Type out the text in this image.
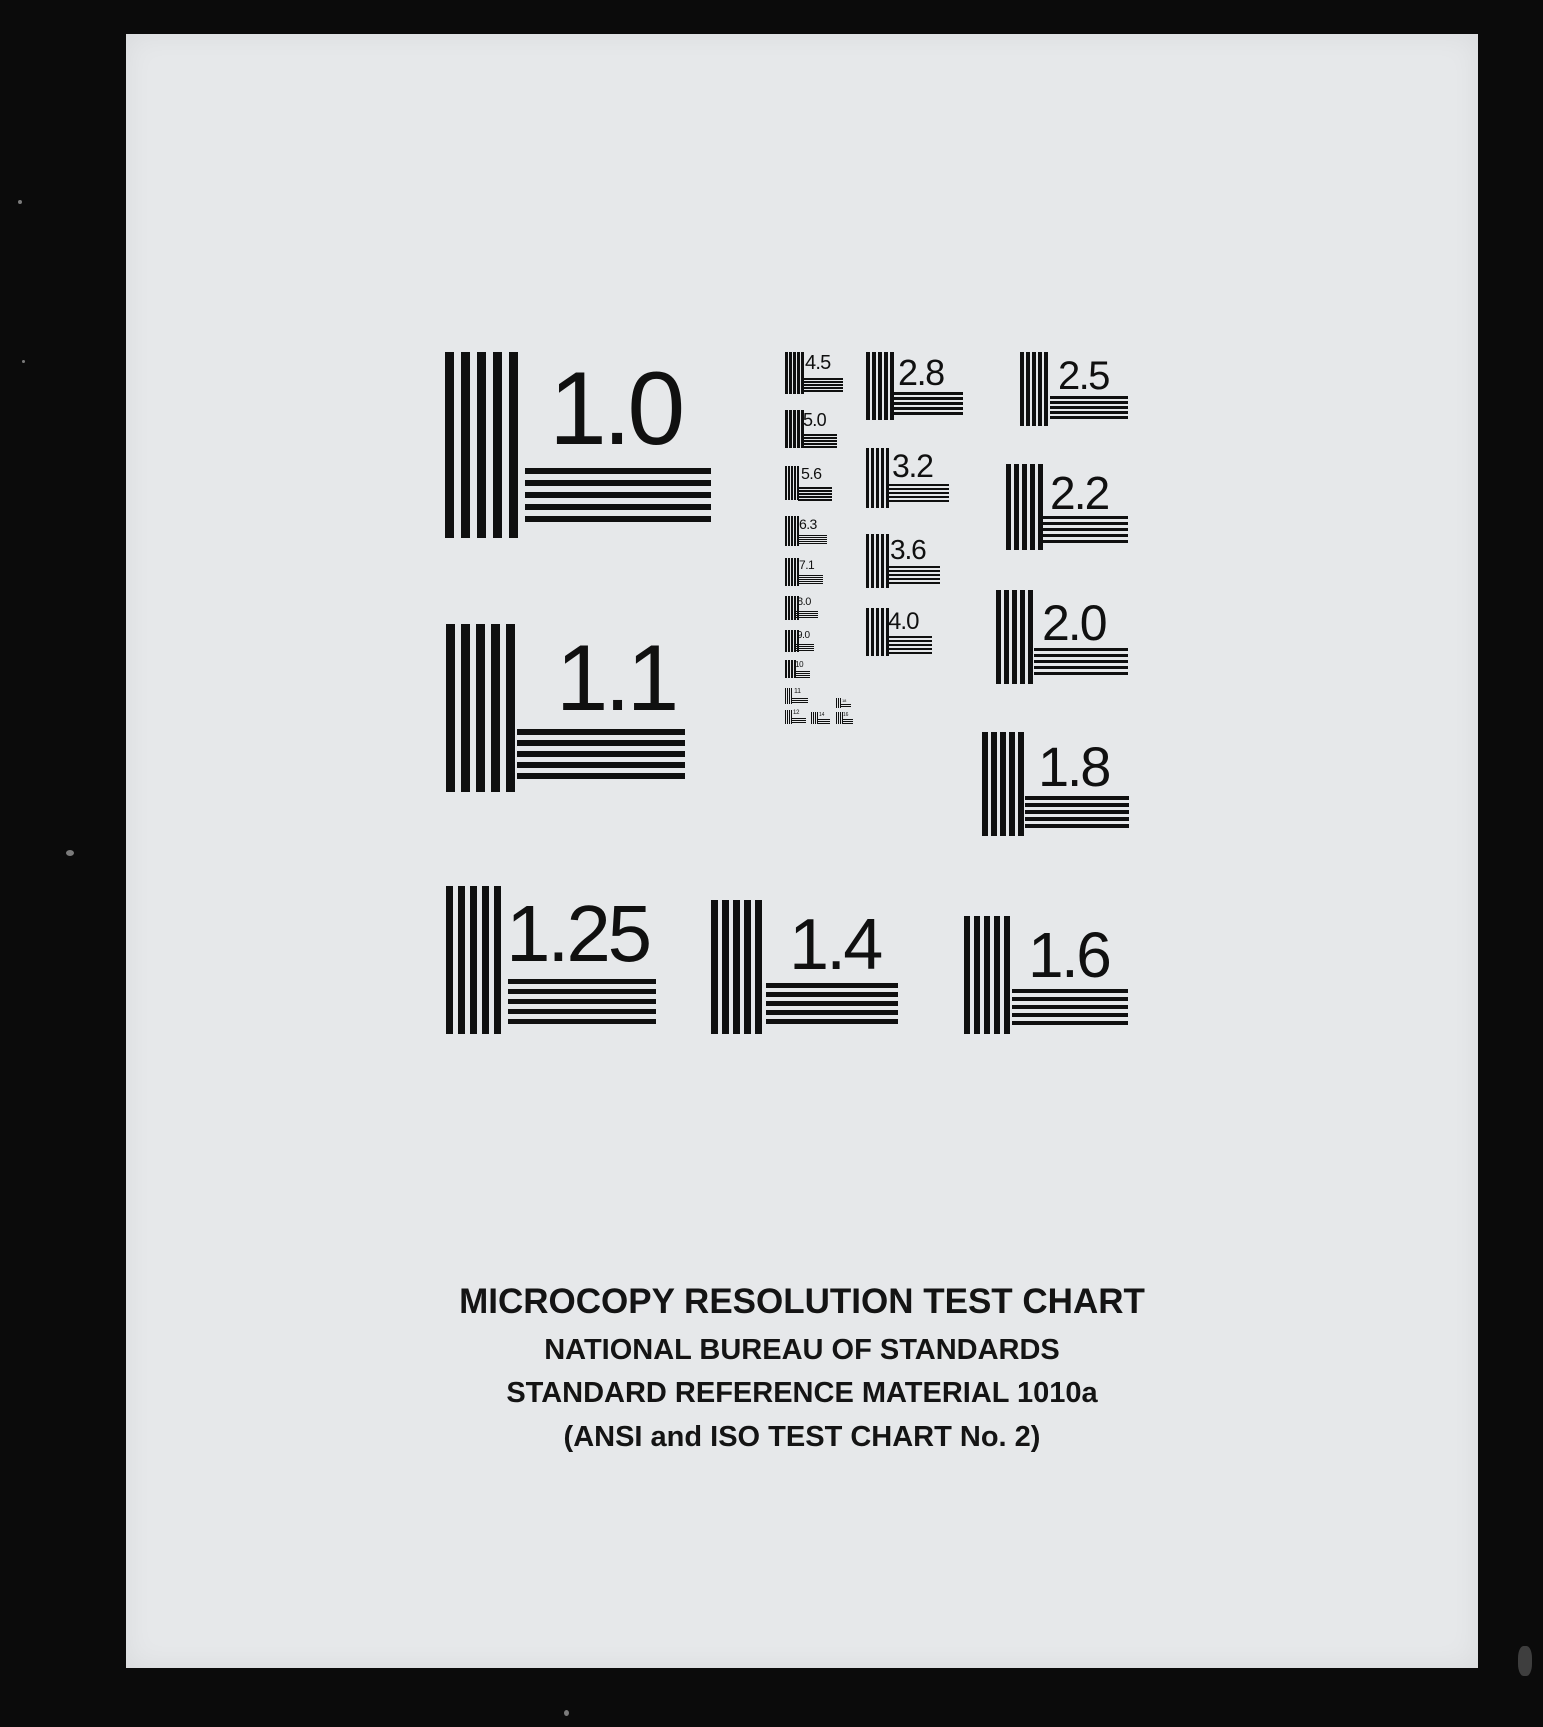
1.0
1.1
1.25 1.4 1.6
1.8
2.0
2.2
2.5
2.8
3.2
3.6
4.0
4.5
5.0
5.6
6.3
7.1
8.0
9.0
10
11
12	14	16
18
MICROCOPY RESOLUTION TEST CHART
NATIONAL BUREAU OF STANDARDS
STANDARD REFERENCE MATERIAL 1010a
(ANSI and ISO TEST CHART No. 2)
